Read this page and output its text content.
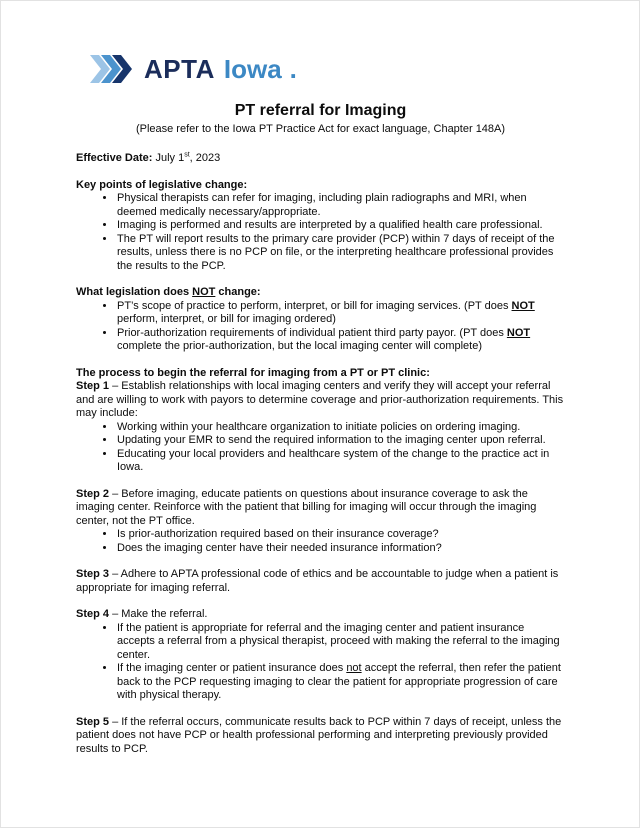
APTA Iowa .
PT referral for Imaging
(Please refer to the Iowa PT Practice Act for exact language, Chapter 148A)

Effective Date: July 1st, 2023

Key points of legislative change:

• Physical therapists can refer for imaging, including plain radiographs and MRI, when deemed medically necessary/appropriate.
• Imaging is performed and results are interpreted by a qualified health care professional.
• The PT will report results to the primary care provider (PCP) within 7 days of receipt of the results, unless there is no PCP on file, or the interpreting healthcare professional provides the results to the PCP.

What legislation does NOT change:

• PT’s scope of practice to perform, interpret, or bill for imaging services. (PT does NOT perform, interpret, or bill for imaging ordered)
• Prior-authorization requirements of individual patient third party payor. (PT does NOT complete the prior-authorization, but the local imaging center will complete)

The process to begin the referral for imaging from a PT or PT clinic:

Step 1 – Establish relationships with local imaging centers and verify they will accept your referral and are willing to work with payors to determine coverage and prior-authorization requirements. This may include:

• Working within your healthcare organization to initiate policies on ordering imaging.
• Updating your EMR to send the required information to the imaging center upon referral.
• Educating your local providers and healthcare system of the change to the practice act in Iowa.

Step 2 – Before imaging, educate patients on questions about insurance coverage to ask the imaging center. Reinforce with the patient that billing for imaging will occur through the imaging center, not the PT office.

• Is prior-authorization required based on their insurance coverage?
• Does the imaging center have their needed insurance information?

Step 3 – Adhere to APTA professional code of ethics and be accountable to judge when a patient is appropriate for imaging referral.

Step 4 – Make the referral.

• If the patient is appropriate for referral and the imaging center and patient insurance accepts a referral from a physical therapist, proceed with making the referral to the imaging center.
• If the imaging center or patient insurance does not accept the referral, then refer the patient back to the PCP requesting imaging to clear the patient for appropriate progression of care with physical therapy.

Step 5 – If the referral occurs, communicate results back to PCP within 7 days of receipt, unless the patient does not have PCP or health professional performing and interpreting previously provided results to PCP.
